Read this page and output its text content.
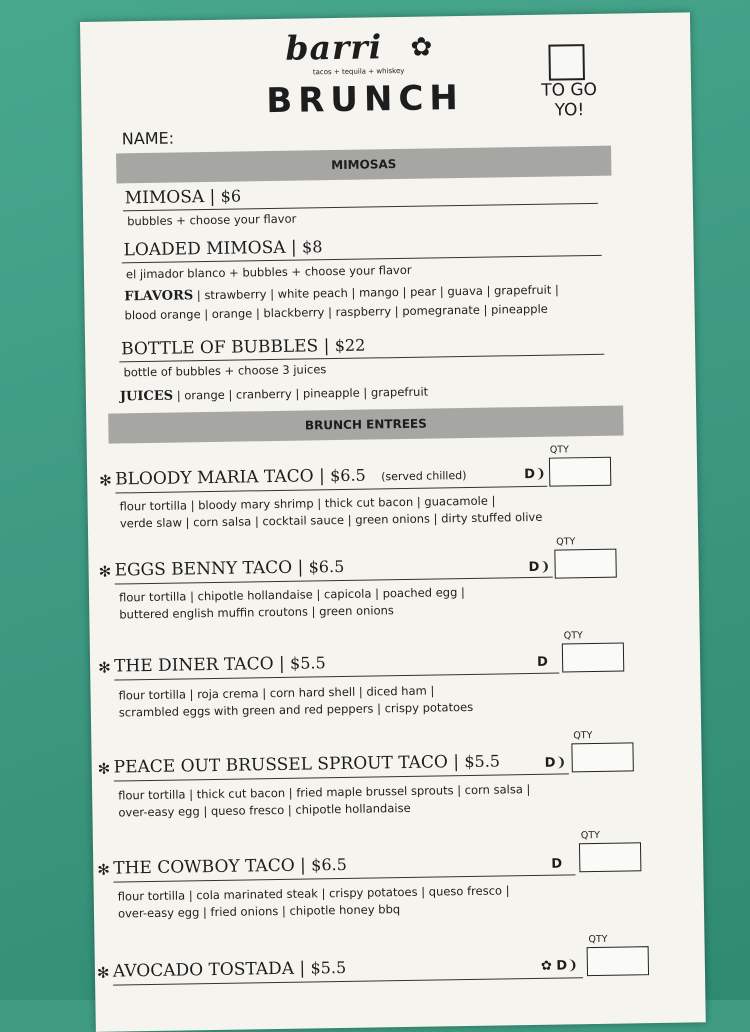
barri ✿
tacos + tequila + whiskey
BRUNCH	TO GO YO!
NAME:
MIMOSAS
MIMOSA | $6
bubbles + choose your flavor
LOADED MIMOSA | $8
el jimador blanco + bubbles + choose your flavor
FLAVORS | strawberry | white peach | mango | pear | guava | grapefruit |
blood orange | orange | blackberry | raspberry | pomegranate | pineapple
BOTTLE OF BUBBLES | $22
bottle of bubbles + choose 3 juices
JUICES | orange | cranberry | pineapple | grapefruit
BRUNCH ENTREES
✻ BLOODY MARIA TACO | $6.5 (served chilled)	D❩
QTY
flour tortilla | bloody mary shrimp | thick cut bacon | guacamole |
verde slaw | corn salsa | cocktail sauce | green onions | dirty stuffed olive
✻ EGGS BENNY TACO | $6.5	D❩
QTY
flour tortilla | chipotle hollandaise | capicola | poached egg |
buttered english muffin croutons | green onions
✻ THE DINER TACO | $5.5	D
QTY
flour tortilla | roja crema | corn hard shell | diced ham |
scrambled eggs with green and red peppers | crispy potatoes
✻ PEACE OUT BRUSSEL SPROUT TACO | $5.5	D❩
QTY
flour tortilla | thick cut bacon | fried maple brussel sprouts | corn salsa |
over-easy egg | queso fresco | chipotle hollandaise
✻ THE COWBOY TACO | $6.5	D
QTY
flour tortilla | cola marinated steak | crispy potatoes | queso fresco |
over-easy egg | fried onions | chipotle honey bbq
✻ AVOCADO TOSTADA | $5.5	✿ D❩
QTY
